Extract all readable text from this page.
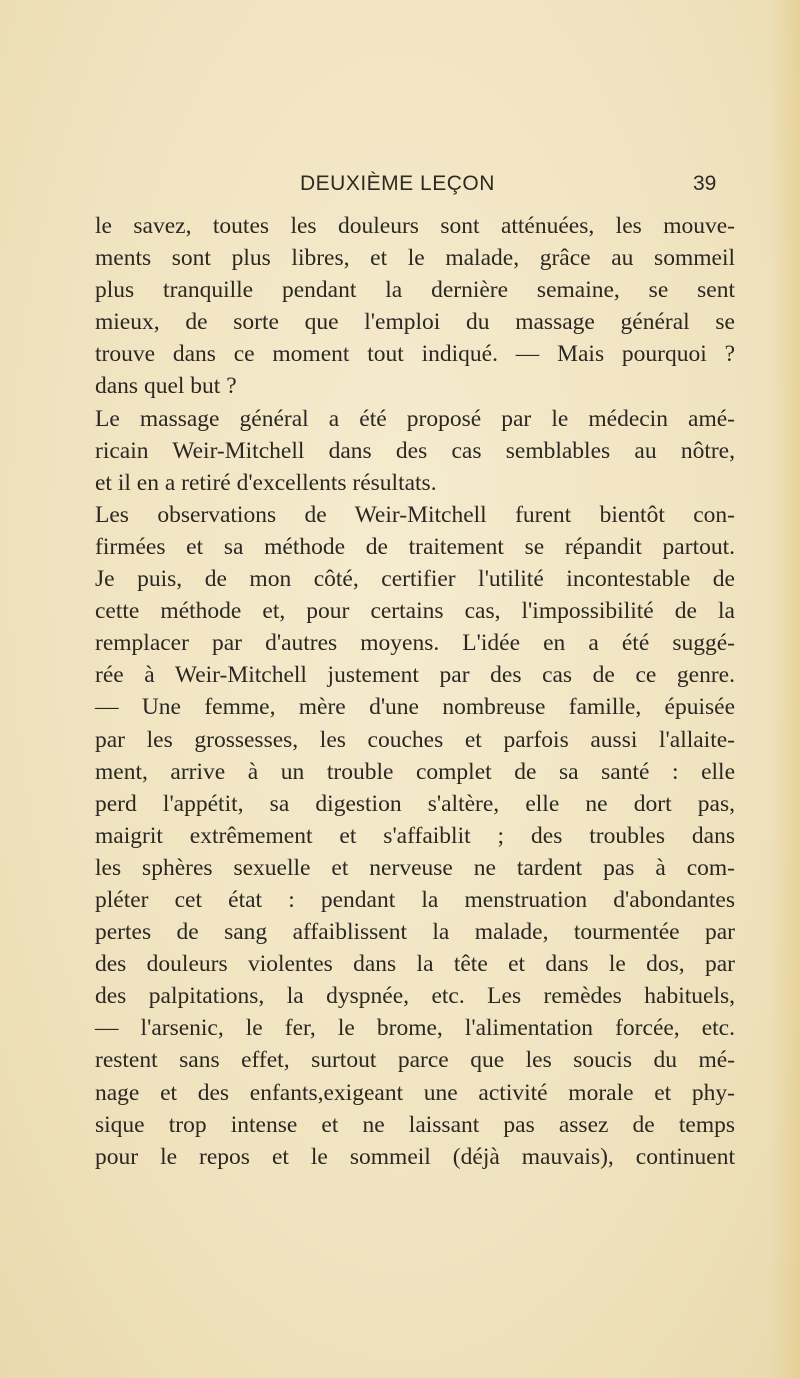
DEUXIÈME LEÇON	39
le savez, toutes les douleurs sont atténuées, les mouve-
ments sont plus libres, et le malade, grâce au sommeil
plus tranquille pendant la dernière semaine, se sent
mieux, de sorte que l'emploi du massage général se
trouve dans ce moment tout indiqué. — Mais pourquoi ?
dans quel but ?
Le massage général a été proposé par le médecin amé-
ricain Weir-Mitchell dans des cas semblables au nôtre,
et il en a retiré d'excellents résultats.
Les observations de Weir-Mitchell furent bientôt con-
firmées et sa méthode de traitement se répandit partout.
Je puis, de mon côté, certifier l'utilité incontestable de
cette méthode et, pour certains cas, l'impossibilité de la
remplacer par d'autres moyens. L'idée en a été suggé-
rée à Weir-Mitchell justement par des cas de ce genre.
— Une femme, mère d'une nombreuse famille, épuisée
par les grossesses, les couches et parfois aussi l'allaite-
ment, arrive à un trouble complet de sa santé : elle
perd l'appétit, sa digestion s'altère, elle ne dort pas,
maigrit extrêmement et s'affaiblit ; des troubles dans
les sphères sexuelle et nerveuse ne tardent pas à com-
pléter cet état : pendant la menstruation d'abondantes
pertes de sang affaiblissent la malade, tourmentée par
des douleurs violentes dans la tête et dans le dos, par
des palpitations, la dyspnée, etc. Les remèdes habituels,
— l'arsenic, le fer, le brome, l'alimentation forcée, etc.
restent sans effet, surtout parce que les soucis du mé-
nage et des enfants,exigeant une activité morale et phy-
sique trop intense et ne laissant pas assez de temps
pour le repos et le sommeil (déjà mauvais), continuent
